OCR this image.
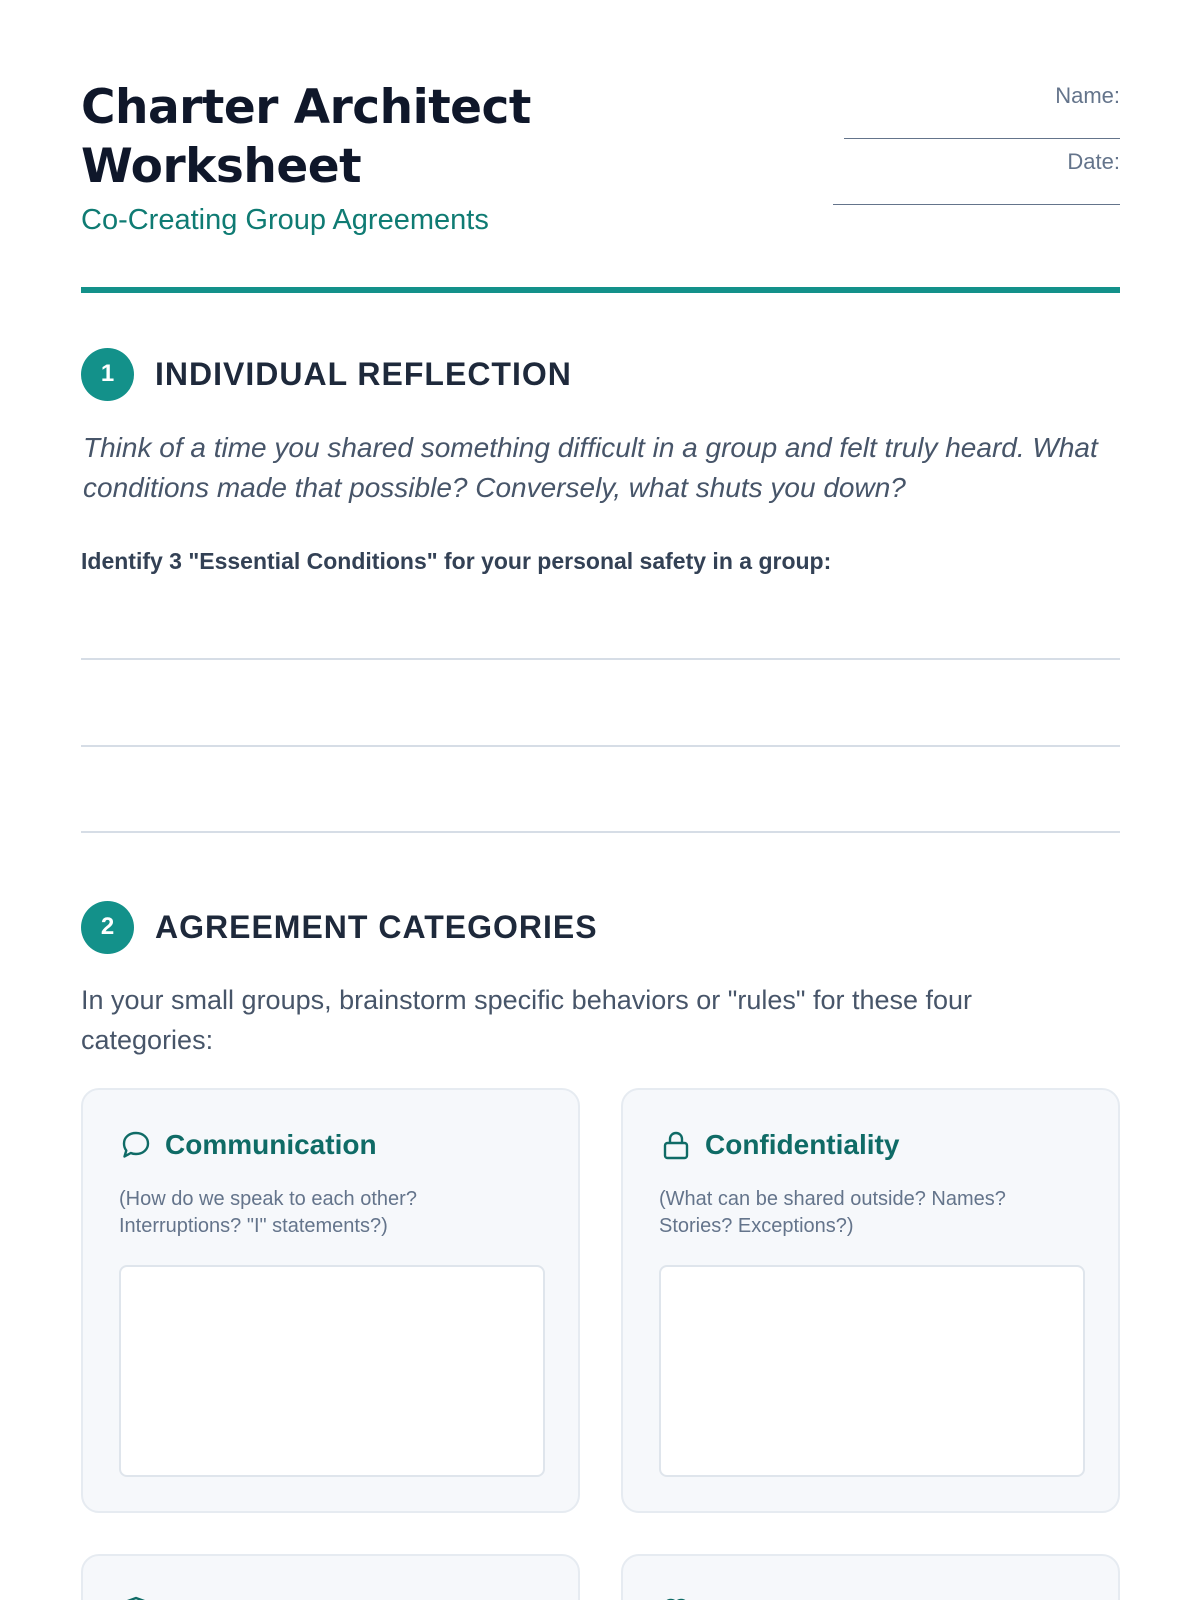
Charter Architect
Worksheet
Co-Creating Group Agreements
Name:
Date:
1	INDIVIDUAL REFLECTION

Think of a time you shared something difficult in a group and felt truly heard. What conditions made that possible? Conversely, what shuts you down?

Identify 3 "Essential Conditions" for your personal safety in a group:

2	AGREEMENT CATEGORIES

In your small groups, brainstorm specific behaviors or "rules" for these four categories:

Communication

(How do we speak to each other? Interruptions? "I" statements?)

Confidentiality

(What can be shared outside? Names? Stories? Exceptions?)
